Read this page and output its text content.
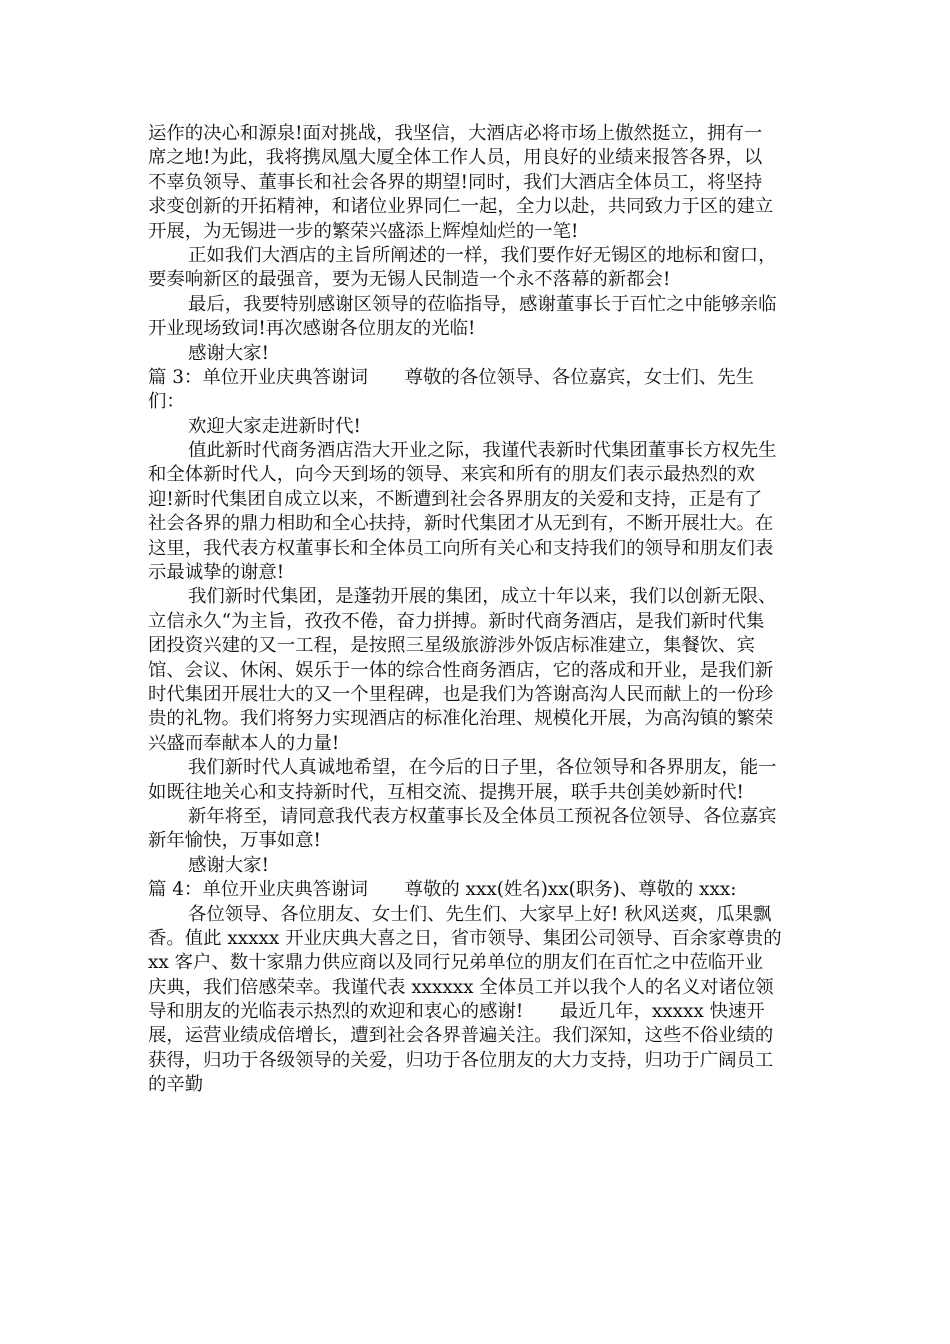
运作的决心和源泉!面对挑战，我坚信，大酒店必将市场上傲然挺立，拥有一
席之地!为此，我将携凤凰大厦全体工作人员，用良好的业绩来报答各界，以
不辜负领导、董事长和社会各界的期望!同时，我们大酒店全体员工，将坚持
求变创新的开拓精神，和诸位业界同仁一起，全力以赴，共同致力于区的建立
开展，为无锡进一步的繁荣兴盛添上辉煌灿烂的一笔!
正如我们大酒店的主旨所阐述的一样，我们要作好无锡区的地标和窗口，
要奏响新区的最强音，要为无锡人民制造一个永不落幕的新都会!
最后，我要特别感谢区领导的莅临指导，感谢董事长于百忙之中能够亲临
开业现场致词!再次感谢各位朋友的光临!
感谢大家!
篇 3：单位开业庆典答谢词　　尊敬的各位领导、各位嘉宾，女士们、先生
们：
欢迎大家走进新时代!
值此新时代商务酒店浩大开业之际，我谨代表新时代集团董事长方权先生
和全体新时代人，向今天到场的领导、来宾和所有的朋友们表示最热烈的欢
迎!新时代集团自成立以来，不断遭到社会各界朋友的关爱和支持，正是有了
社会各界的鼎力相助和全心扶持，新时代集团才从无到有，不断开展壮大。在
这里，我代表方权董事长和全体员工向所有关心和支持我们的领导和朋友们表
示最诚挚的谢意!
我们新时代集团，是蓬勃开展的集团，成立十年以来，我们以创新无限、
立信永久“为主旨，孜孜不倦，奋力拼搏。新时代商务酒店，是我们新时代集
团投资兴建的又一工程，是按照三星级旅游涉外饭店标准建立，集餐饮、宾
馆、会议、休闲、娱乐于一体的综合性商务酒店，它的落成和开业，是我们新
时代集团开展壮大的又一个里程碑，也是我们为答谢高沟人民而献上的一份珍
贵的礼物。我们将努力实现酒店的标准化治理、规模化开展，为高沟镇的繁荣
兴盛而奉献本人的力量!
我们新时代人真诚地希望，在今后的日子里，各位领导和各界朋友，能一
如既往地关心和支持新时代，互相交流、提携开展，联手共创美妙新时代!
新年将至，请同意我代表方权董事长及全体员工预祝各位领导、各位嘉宾
新年愉快，万事如意!
感谢大家!
篇 4：单位开业庆典答谢词　　尊敬的 xxx(姓名)xx(职务)、尊敬的 xxx:
各位领导、各位朋友、女士们、先生们、大家早上好! 秋风送爽，瓜果飘
香。值此 xxxxx 开业庆典大喜之日，省市领导、集团公司领导、百余家尊贵的
xx 客户、数十家鼎力供应商以及同行兄弟单位的朋友们在百忙之中莅临开业
庆典，我们倍感荣幸。我谨代表 xxxxxx 全体员工并以我个人的名义对诸位领
导和朋友的光临表示热烈的欢迎和衷心的感谢!　　最近几年，xxxxx 快速开
展，运营业绩成倍增长，遭到社会各界普遍关注。我们深知，这些不俗业绩的
获得，归功于各级领导的关爱，归功于各位朋友的大力支持，归功于广阔员工
的辛勤
